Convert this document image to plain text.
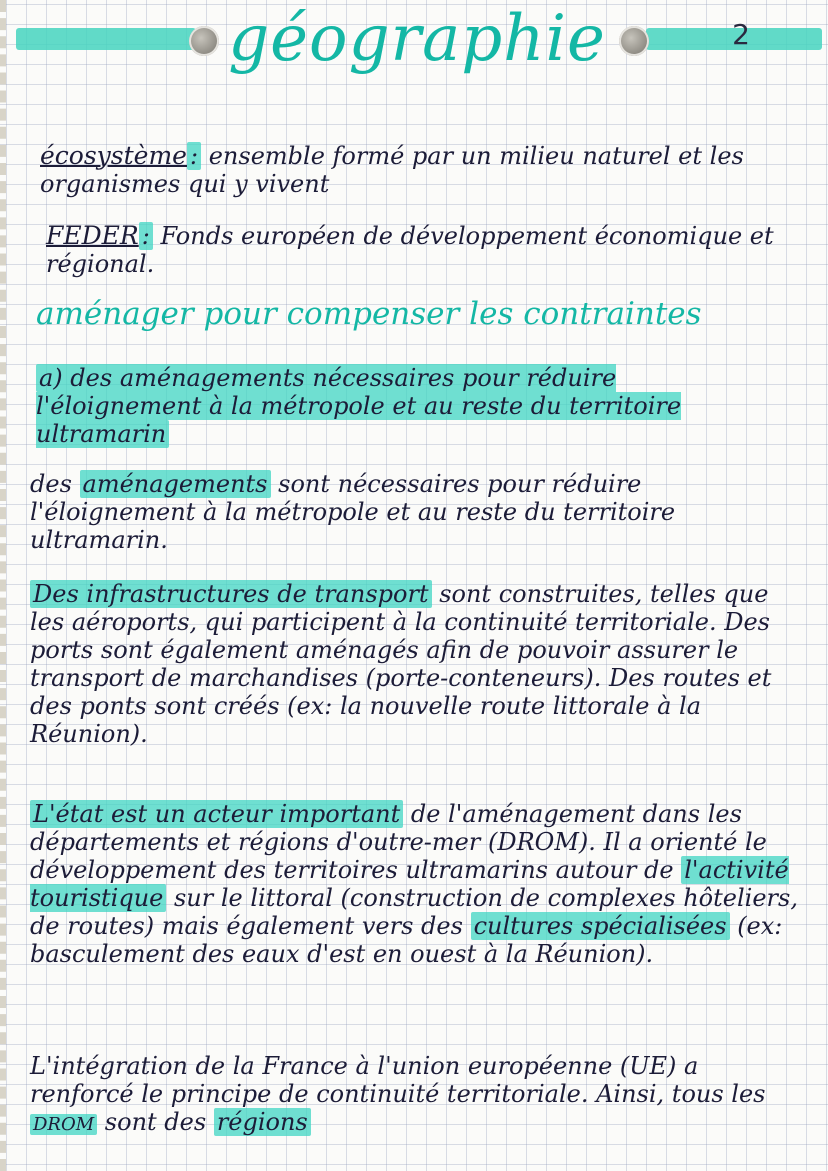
géographie	2

écosystème : ensemble formé par un milieu naturel et les organismes qui y vivent

FEDER : Fonds européen de développement économique et régional.

aménager pour compenser les contraintes

a) des aménagements nécessaires pour réduire l'éloignement à la métropole et au reste du territoire ultramarin

des aménagements sont nécessaires pour réduire l'éloignement à la métropole et au reste du territoire ultramarin.

Des infrastructures de transport sont construites, telles que les aéroports, qui participent à la continuité territoriale. Des ports sont également aménagés afin de pouvoir assurer le transport de marchandises (porte-conteneurs). Des routes et des ponts sont créés (ex: la nouvelle route littorale à la Réunion).

L'état est un acteur important de l'aménagement dans les départements et régions d'outre-mer (DROM). Il a orienté le développement des territoires ultramarins autour de l'activité touristique sur le littoral (construction de complexes hôteliers, de routes) mais également vers des cultures spécialisées (ex: basculement des eaux d'est en ouest à la Réunion).

L'intégration de la France à l'union européenne (UE) a renforcé le principe de continuité territoriale. Ainsi, tous les DROM sont des régions
